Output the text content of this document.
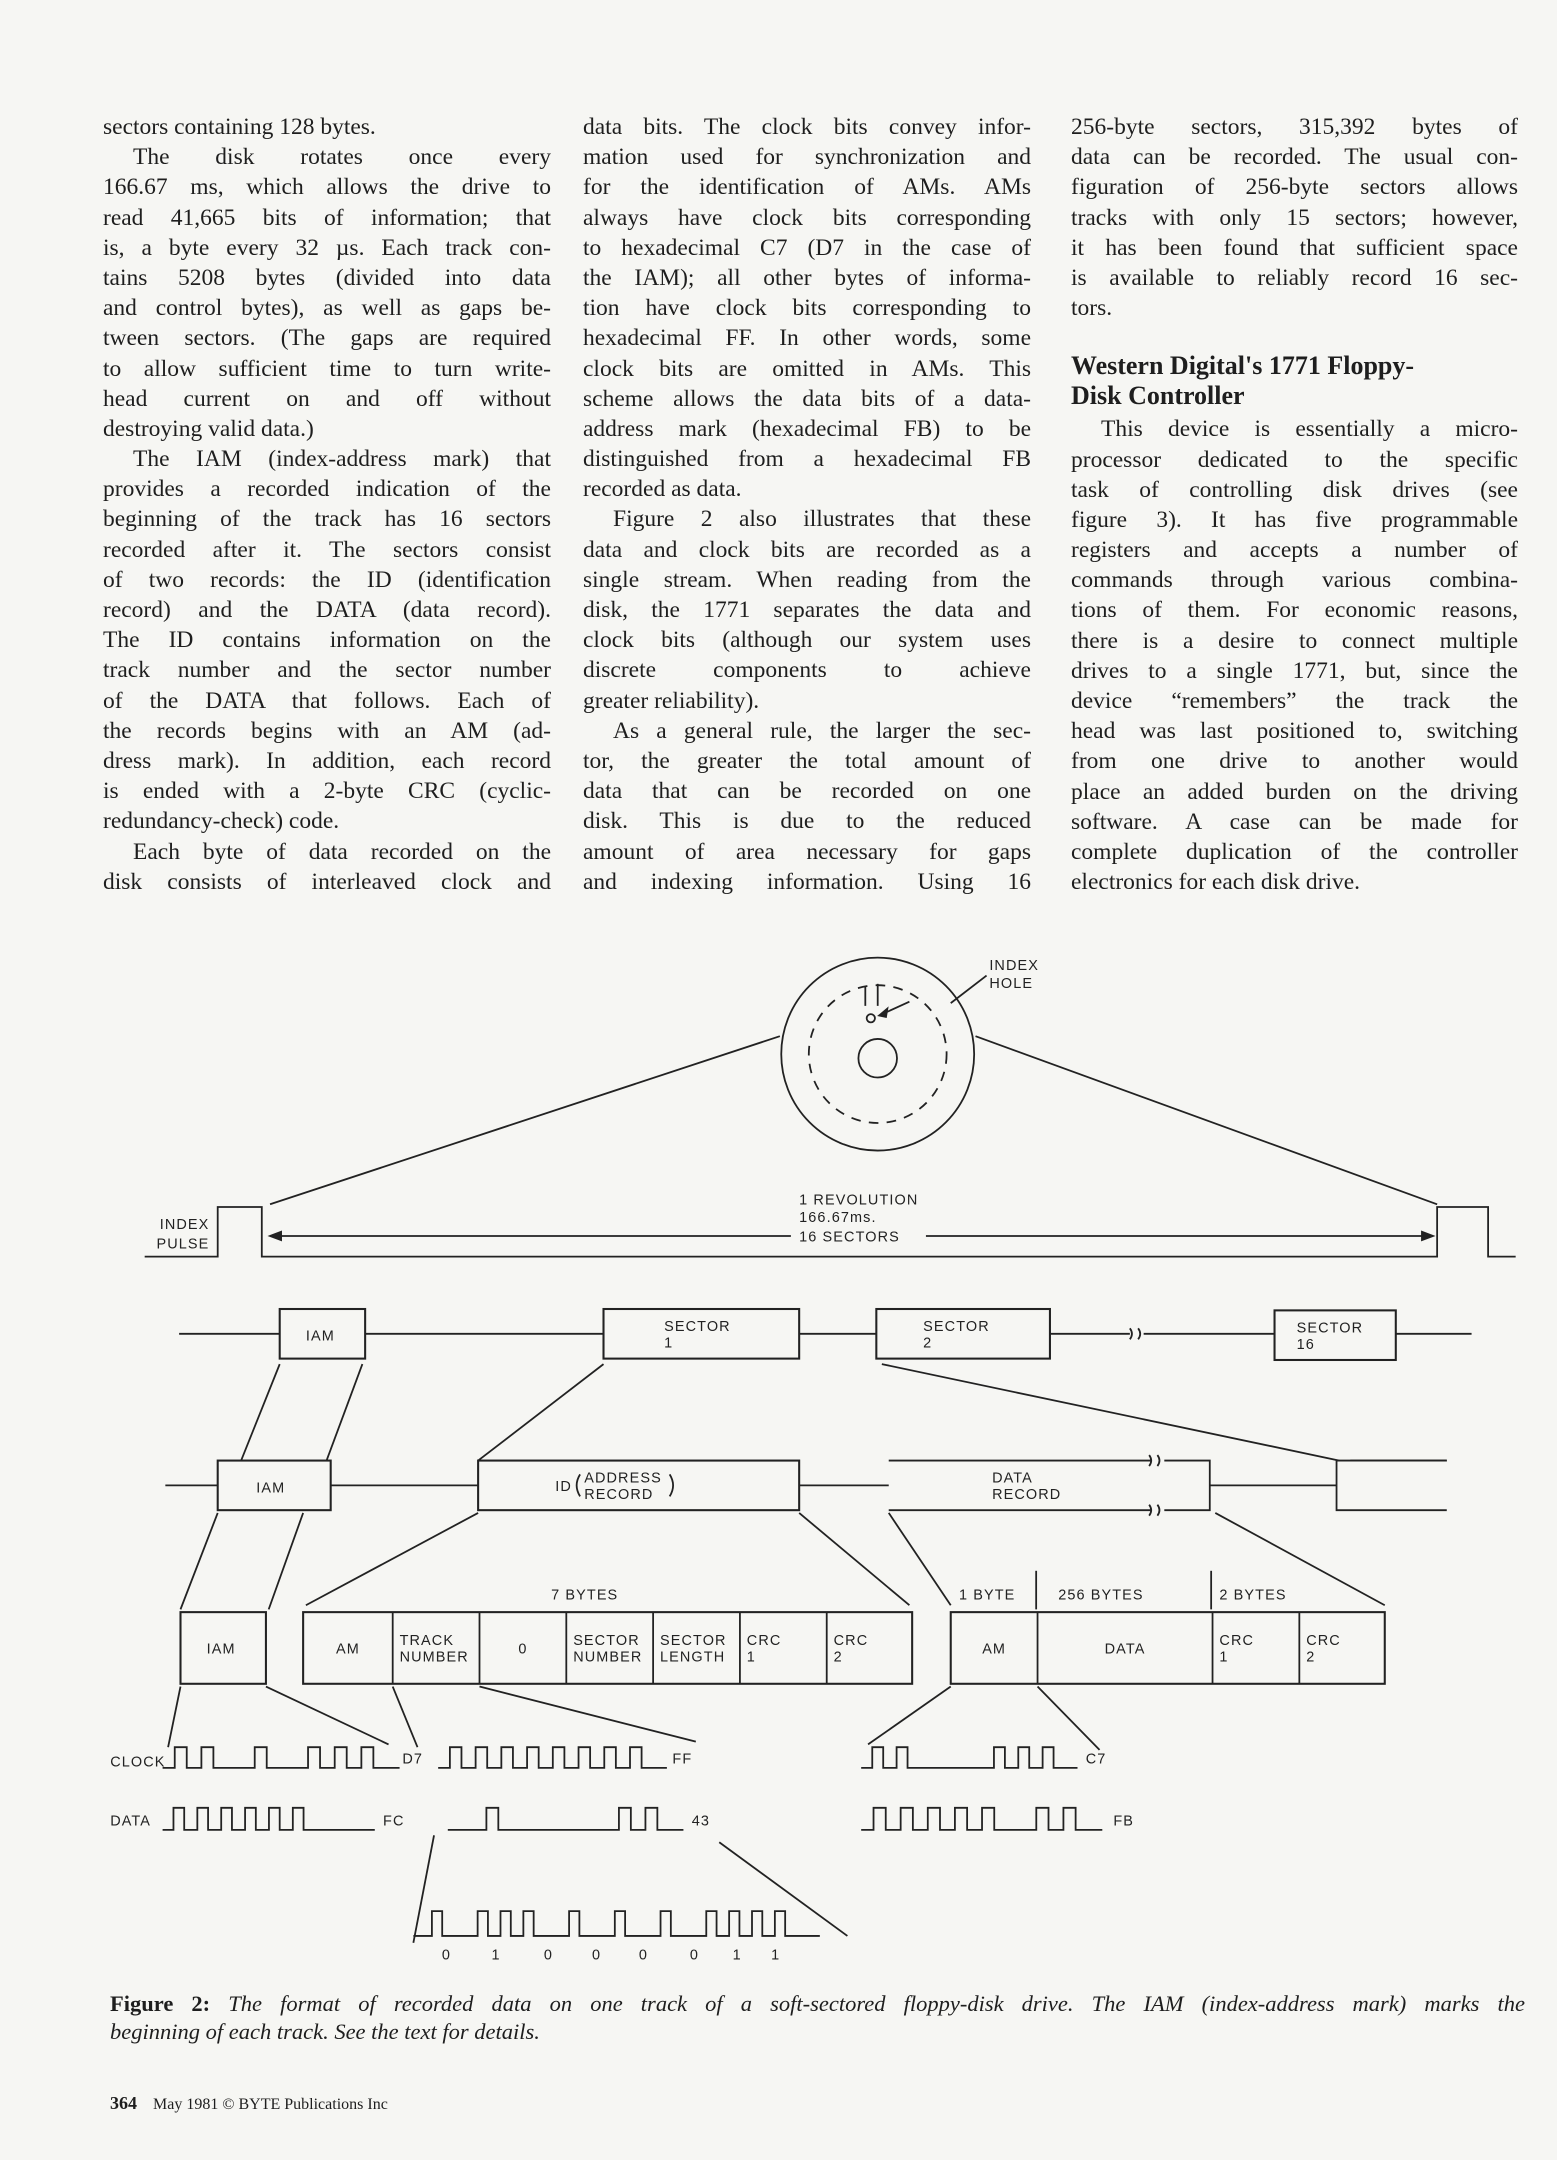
sectors containing 128 bytes.
The disk rotates once every
166.67 ms, which allows the drive to
read 41,665 bits of information; that
is, a byte every 32 µs. Each track con-
tains 5208 bytes (divided into data
and control bytes), as well as gaps be-
tween sectors. (The gaps are required
to allow sufficient time to turn write-
head current on and off without
destroying valid data.)
The IAM (index-address mark) that
provides a recorded indication of the
beginning of the track has 16 sectors
recorded after it. The sectors consist
of two records: the ID (identification
record) and the DATA (data record).
The ID contains information on the
track number and the sector number
of the DATA that follows. Each of
the records begins with an AM (ad-
dress mark). In addition, each record
is ended with a 2-byte CRC (cyclic-
redundancy-check) code.
Each byte of data recorded on the
disk consists of interleaved clock and
data bits. The clock bits convey infor-
mation used for synchronization and
for the identification of AMs. AMs
always have clock bits corresponding
to hexadecimal C7 (D7 in the case of
the IAM); all other bytes of informa-
tion have clock bits corresponding to
hexadecimal FF. In other words, some
clock bits are omitted in AMs. This
scheme allows the data bits of a data-
address mark (hexadecimal FB) to be
distinguished from a hexadecimal FB
recorded as data.
Figure 2 also illustrates that these
data and clock bits are recorded as a
single stream. When reading from the
disk, the 1771 separates the data and
clock bits (although our system uses
discrete components to achieve
greater reliability).
As a general rule, the larger the sec-
tor, the greater the total amount of
data that can be recorded on one
disk. This is due to the reduced
amount of area necessary for gaps
and indexing information. Using 16
256-byte sectors, 315,392 bytes of
data can be recorded. The usual con-
figuration of 256-byte sectors allows
tracks with only 15 sectors; however,
it has been found that sufficient space
is available to reliably record 16 sec-
tors.
Western Digital's 1771 Floppy-
Disk Controller
This device is essentially a micro-
processor dedicated to the specific
task of controlling disk drives (see
figure 3). It has five programmable
registers and accepts a number of
commands through various combina-
tions of them. For economic reasons,
there is a desire to connect multiple
drives to a single 1771, but, since the
device “remembers” the track the
head was last positioned to, switching
from one drive to another would
place an added burden on the driving
software. A case can be made for
complete duplication of the controller
electronics for each disk drive.
INDEX
HOLE
INDEX
PULSE
1 REVOLUTION
166.67ms.
16 SECTORS
IAM
SECTOR
1
SECTOR
2
SECTOR
16
IAM	ID
ADDRESS
RECORD
DATA
RECORD
IAM
7 BYTES
AM
TRACK
NUMBER
0
SECTOR
NUMBER
SECTOR
LENGTH
CRC
1
CRC
2
1 BYTE	256 BYTES	2 BYTES
AM	DATA
CRC
1
CRC
2
CLOCK
DATA
D7	FF	C7
FC	43	FB
0	1	0	0	0	0	1	1
Figure 2: The format of recorded data on one track of a soft-sectored floppy-disk drive. The IAM (index-address mark) marks the
beginning of each track. See the text for details.
364 May 1981 © BYTE Publications Inc
